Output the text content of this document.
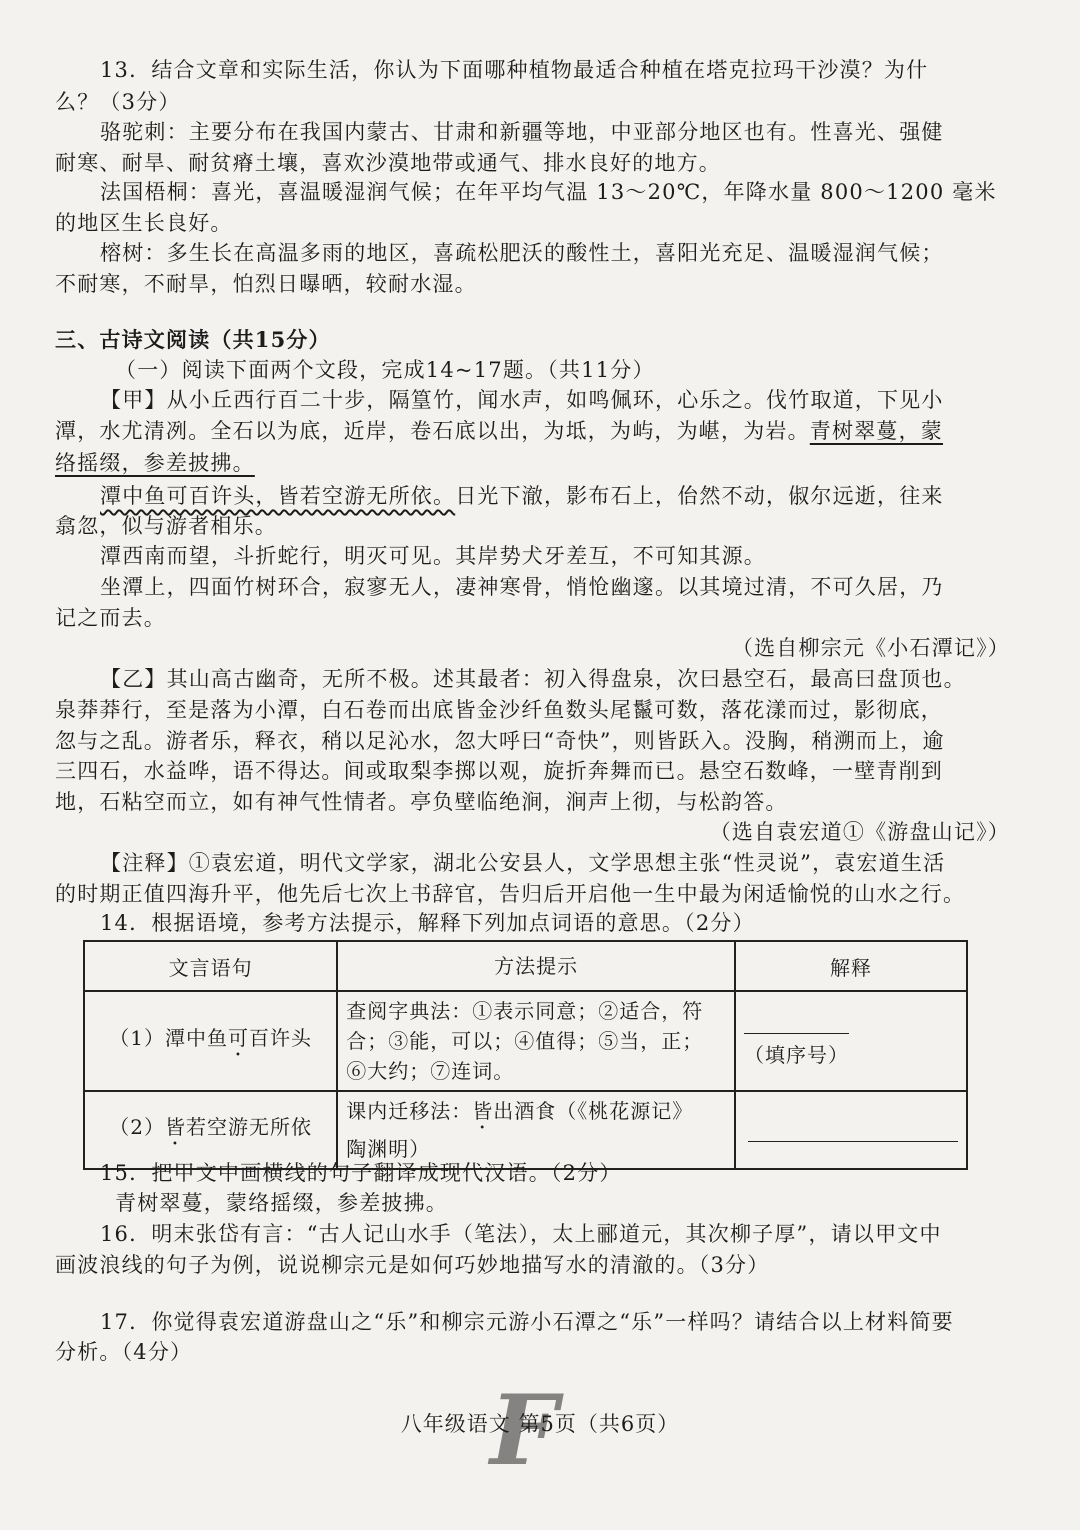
13．结合文章和实际生活，你认为下面哪种植物最适合种植在塔克拉玛干沙漠？为什
么？（3分）
骆驼刺：主要分布在我国内蒙古、甘肃和新疆等地，中亚部分地区也有。性喜光、强健
耐寒、耐旱、耐贫瘠土壤，喜欢沙漠地带或通气、排水良好的地方。
法国梧桐：喜光，喜温暖湿润气候；在年平均气温 13～20℃，年降水量 800～1200 毫米
的地区生长良好。
榕树：多生长在高温多雨的地区，喜疏松肥沃的酸性土，喜阳光充足、温暖湿润气候；
不耐寒，不耐旱，怕烈日曝晒，较耐水湿。
三、古诗文阅读（共15分）
（一）阅读下面两个文段，完成14~17题。（共11分）
【甲】从小丘西行百二十步，隔篁竹，闻水声，如鸣佩环，心乐之。伐竹取道，下见小
潭，水尤清冽。全石以为底，近岸，卷石底以出，为坻，为屿，为嵁，为岩。青树翠蔓，蒙
络摇缀，参差披拂。
潭中鱼可百许头，皆若空游无所依。日光下澈，影布石上，佁然不动，俶尔远逝，往来
翕忽，似与游者相乐。
潭西南而望，斗折蛇行，明灭可见。其岸势犬牙差互，不可知其源。
坐潭上，四面竹树环合，寂寥无人，凄神寒骨，悄怆幽邃。以其境过清，不可久居，乃
记之而去。
（选自柳宗元《小石潭记》）
【乙】其山高古幽奇，无所不极。述其最者：初入得盘泉，次曰悬空石，最高曰盘顶也。
泉莽莽行，至是落为小潭，白石卷而出底皆金沙纤鱼数头尾鬣可数，落花漾而过，影彻底，
忽与之乱。游者乐，释衣，稍以足沁水，忽大呼曰“奇快”，则皆跃入。没胸，稍溯而上，逾
三四石，水益哗，语不得达。间或取梨李掷以观，旋折奔舞而已。悬空石数峰，一壁青削到
地，石粘空而立，如有神气性情者。亭负壁临绝涧，涧声上彻，与松韵答。
（选自袁宏道①《游盘山记》）
【注释】①袁宏道，明代文学家，湖北公安县人，文学思想主张“性灵说”，袁宏道生活
的时期正值四海升平，他先后七次上书辞官，告归后开启他一生中最为闲适愉悦的山水之行。
14．根据语境，参考方法提示，解释下列加点词语的意思。（2分）
文言语句	方法提示	解释
（1）潭中鱼可百许头	查阅字典法：①表示同意；②适合，符
合；③能，可以；④值得；⑤当，正；
⑥大约；⑦连词。	（填序号）
（2）皆若空游无所依	课内迁移法：皆出酒食（《桃花源记》
陶渊明）	

15．把甲文中画横线的句子翻译成现代汉语。（2分）
青树翠蔓，蒙络摇缀，参差披拂。
16．明末张岱有言：“古人记山水手（笔法），太上郦道元，其次柳子厚”，请以甲文中
画波浪线的句子为例，说说柳宗元是如何巧妙地描写水的清澈的。（3分）
17．你觉得袁宏道游盘山之“乐”和柳宗元游小石潭之“乐”一样吗？请结合以上材料简要
分析。（4分）
F
八年级语文 第5页（共6页）
